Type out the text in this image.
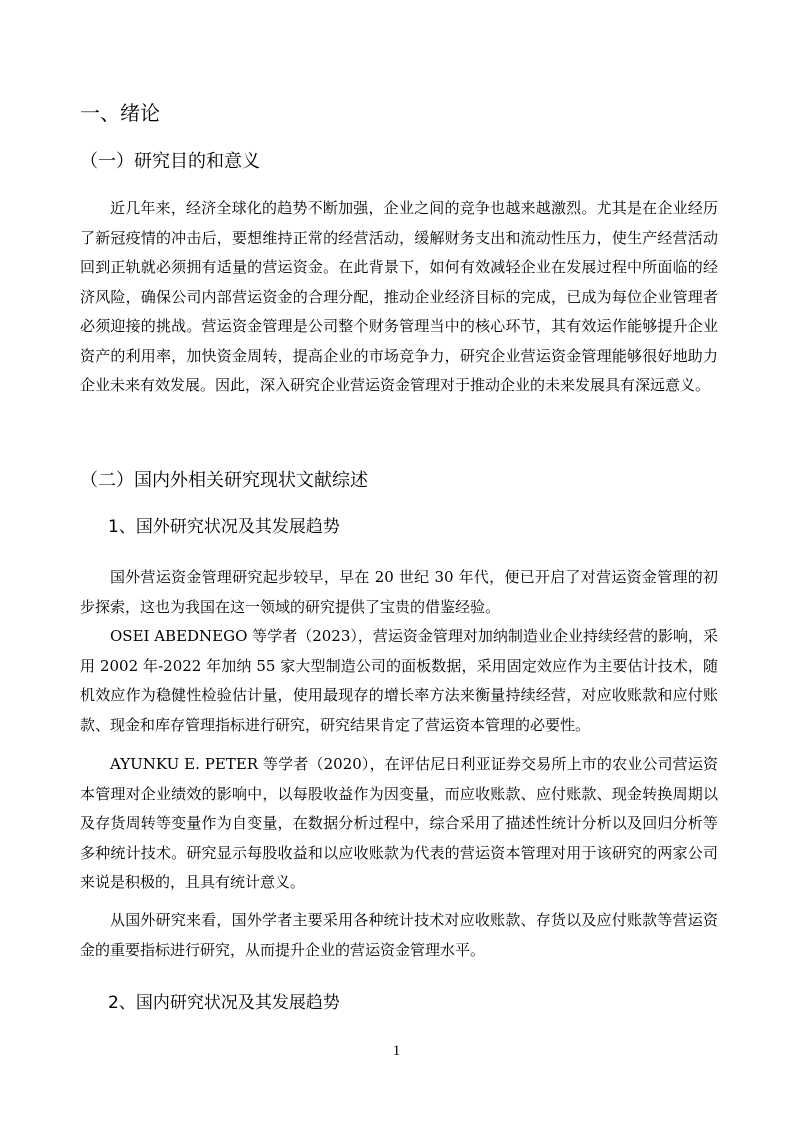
一、绪论
（一）研究目的和意义

近几年来，经济全球化的趋势不断加强，企业之间的竞争也越来越激烈。尤其是在企业经历了新冠疫情的冲击后，要想维持正常的经营活动，缓解财务支出和流动性压力，使生产经营活动回到正轨就必须拥有适量的营运资金。在此背景下，如何有效减轻企业在发展过程中所面临的经济风险，确保公司内部营运资金的合理分配，推动企业经济目标的完成，已成为每位企业管理者必须迎接的挑战。营运资金管理是公司整个财务管理当中的核心环节，其有效运作能够提升企业资产的利用率，加快资金周转，提高企业的市场竞争力，研究企业营运资金管理能够很好地助力企业未来有效发展。因此，深入研究企业营运资金管理对于推动企业的未来发展具有深远意义。

（二）国内外相关研究现状文献综述
1、国外研究状况及其发展趋势

国外营运资金管理研究起步较早，早在 20 世纪 30 年代，便已开启了对营运资金管理的初步探索，这也为我国在这一领域的研究提供了宝贵的借鉴经验。

OSEI ABEDNEGO 等学者（2023），营运资金管理对加纳制造业企业持续经营的影响，采用 2002 年-2022 年加纳 55 家大型制造公司的面板数据，采用固定效应作为主要估计技术，随机效应作为稳健性检验估计量，使用最现存的增长率方法来衡量持续经营，对应收账款和应付账款、现金和库存管理指标进行研究，研究结果肯定了营运资本管理的必要性。

AYUNKU E. PETER 等学者（2020），在评估尼日利亚证券交易所上市的农业公司营运资本管理对企业绩效的影响中，以每股收益作为因变量，而应收账款、应付账款、现金转换周期以及存货周转等变量作为自变量，在数据分析过程中，综合采用了描述性统计分析以及回归分析等多种统计技术。研究显示每股收益和以应收账款为代表的营运资本管理对用于该研究的两家公司来说是积极的，且具有统计意义。

从国外研究来看，国外学者主要采用各种统计技术对应收账款、存货以及应付账款等营运资金的重要指标进行研究，从而提升企业的营运资金管理水平。

2、国内研究状况及其发展趋势
1
